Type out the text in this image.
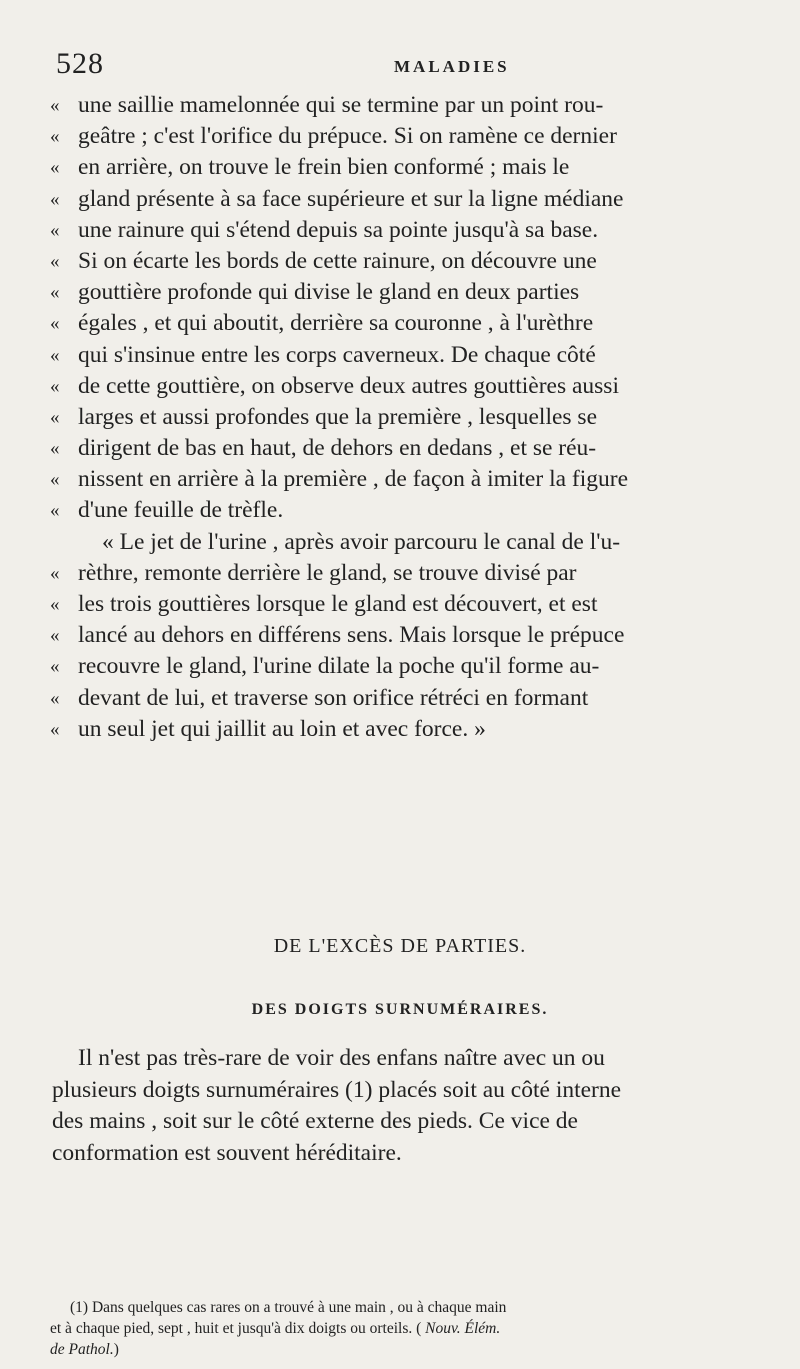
528	MALADIES
« une saillie mamelonnée qui se termine par un point rou-
« geâtre ; c'est l'orifice du prépuce. Si on ramène ce dernier
« en arrière, on trouve le frein bien conformé ; mais le
« gland présente à sa face supérieure et sur la ligne médiane
« une rainure qui s'étend depuis sa pointe jusqu'à sa base.
« Si on écarte les bords de cette rainure, on découvre une
« gouttière profonde qui divise le gland en deux parties
« égales , et qui aboutit, derrière sa couronne , à l'urèthre
« qui s'insinue entre les corps caverneux. De chaque côté
« de cette gouttière, on observe deux autres gouttières aussi
« larges et aussi profondes que la première , lesquelles se
« dirigent de bas en haut, de dehors en dedans , et se réu-
« nissent en arrière à la première , de façon à imiter la figure
« d'une feuille de trèfle.
« Le jet de l'urine , après avoir parcouru le canal de l'u-
« rèthre, remonte derrière le gland, se trouve divisé par
« les trois gouttières lorsque le gland est découvert, et est
« lancé au dehors en différens sens. Mais lorsque le prépuce
« recouvre le gland, l'urine dilate la poche qu'il forme au-
« devant de lui, et traverse son orifice rétréci en formant
« un seul jet qui jaillit au loin et avec force. »
DE L'EXCÈS DE PARTIES.
DES DOIGTS SURNUMÉRAIRES.
Il n'est pas très-rare de voir des enfans naître avec un ou
plusieurs doigts surnuméraires (1) placés soit au côté interne
des mains , soit sur le côté externe des pieds. Ce vice de
conformation est souvent héréditaire.
(1) Dans quelques cas rares on a trouvé à une main , ou à chaque main
et à chaque pied, sept , huit et jusqu'à dix doigts ou orteils. ( Nouv. Élém.
de Pathol.)
